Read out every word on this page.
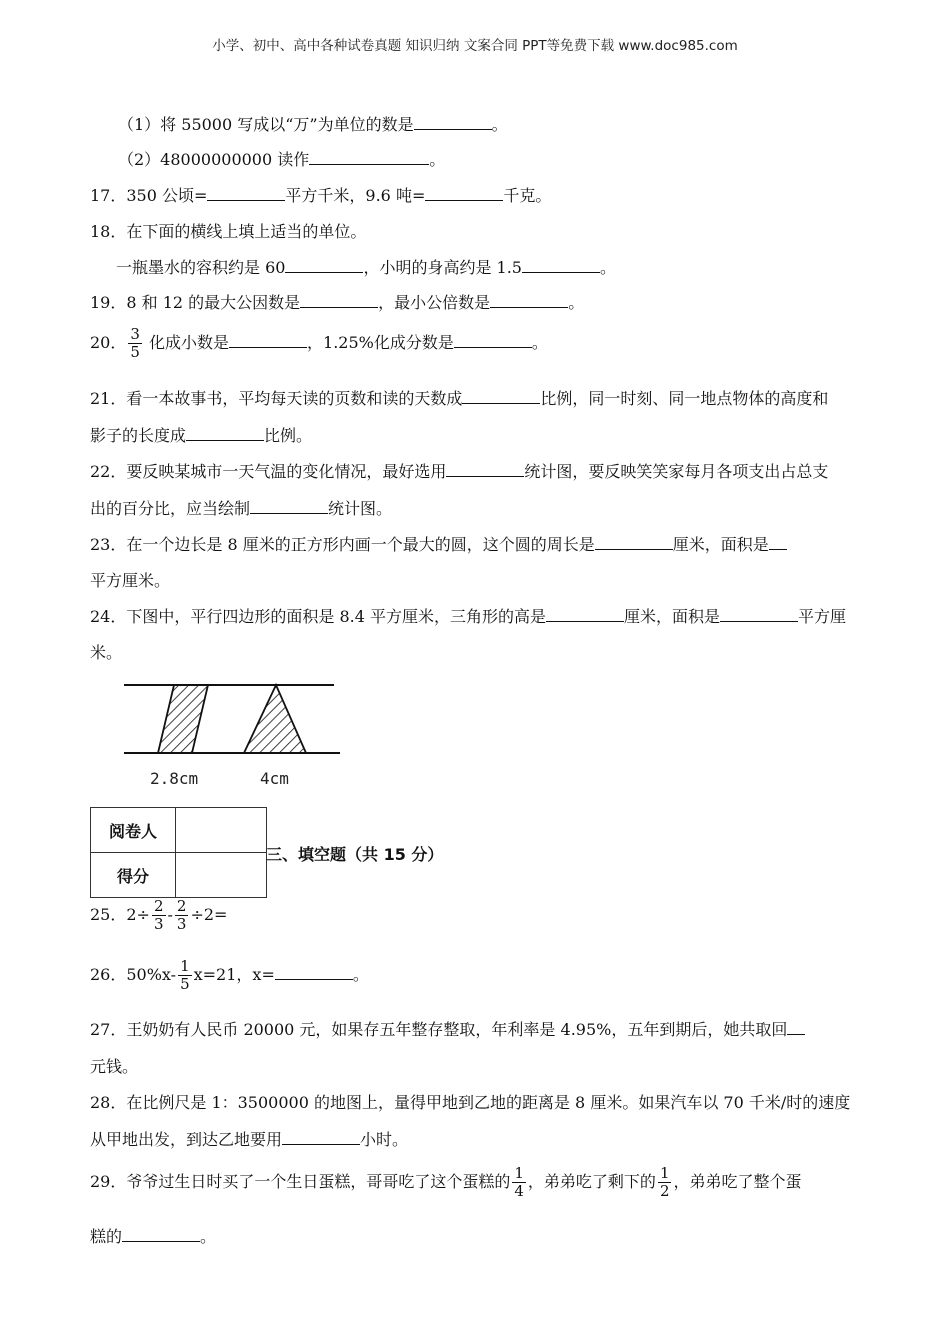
小学、初中、高中各种试卷真题 知识归纳 文案合同 PPT等免费下载 www.doc985.com
（1）将 55000 写成以“万”为单位的数是	。
（2）48000000000 读作	。
17．350 公顷=	平方千米，9.6 吨=	千克。
18．在下面的横线上填上适当的单位。
一瓶墨水的容积约是 60	，小明的身高约是 1.5	。
19．8 和 12 的最大公因数是	，最小公倍数是	。
20． $\frac{3}{5}$ 化成小数是	，1.25%化成分数是	。
21．看一本故事书，平均每天读的页数和读的天数成	比例，同一时刻、同一地点物体的高度和
影子的长度成	比例。
22．要反映某城市一天气温的变化情况，最好选用	统计图，要反映笑笑家每月各项支出占总支
出的百分比，应当绘制	统计图。
23．在一个边长是 8 厘米的正方形内画一个最大的圆，这个圆的周长是	厘米，面积是
平方厘米。
24．下图中，平行四边形的面积是 8.4 平方厘米，三角形的高是	厘米，面积是	平方厘
米。
2.8cm	4cm
阅卷人	
得分	
三、填空题（共 15 分）
25．$2\div \frac{2}{3} - \frac{2}{3} \div 2=$
26．$50\%x- \frac{1}{5} x=21$，x=	。
27．王奶奶有人民币 20000 元，如果存五年整存整取，年利率是 4.95%，五年到期后，她共取回
元钱。
28．在比例尺是 1：3500000 的地图上，量得甲地到乙地的距离是 8 厘米。如果汽车以 70 千米/时的速度
从甲地出发，到达乙地要用	小时。
29．爷爷过生日时买了一个生日蛋糕，哥哥吃了这个蛋糕的 $\frac{1}{4}$ ，弟弟吃了剩下的 $\frac{1}{2}$ ，弟弟吃了整个蛋
糕的	。
